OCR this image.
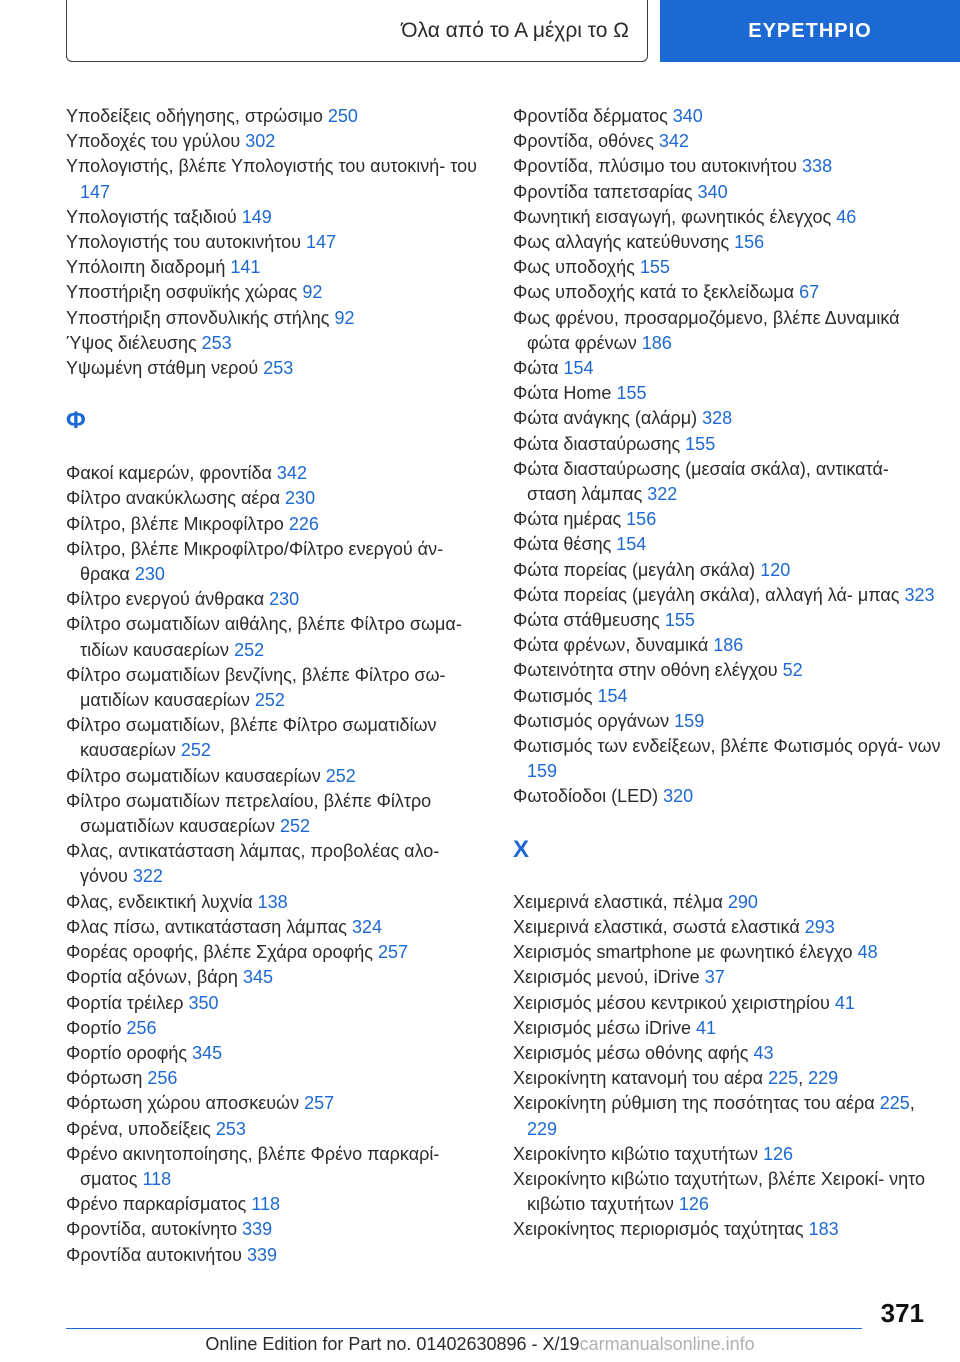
Όλα από το Α μέχρι το Ω	ΕΥΡΕΤΗΡΙΟ

Υποδείξεις οδήγησης, στρώσιμο 250

Υποδοχές του γρύλου 302

Υπολογιστής, βλέπε Υπολογιστής του αυτοκινή‐ του 147

Υπολογιστής ταξιδιού 149

Υπολογιστής του αυτοκινήτου 147

Υπόλοιπη διαδρομή 141

Υποστήριξη οσφυϊκής χώρας 92

Υποστήριξη σπονδυλικής στήλης 92

Ύψος διέλευσης 253

Υψωμένη στάθμη νερού 253

Φ

Φακοί καμερών, φροντίδα 342

Φίλτρο ανακύκλωσης αέρα 230

Φίλτρο, βλέπε Μικροφίλτρο 226

Φίλτρο, βλέπε Μικροφίλτρο/Φίλτρο ενεργού άν‐ θρακα 230

Φίλτρο ενεργού άνθρακα 230

Φίλτρο σωματιδίων αιθάλης, βλέπε Φίλτρο σωμα‐ τιδίων καυσαερίων 252

Φίλτρο σωματιδίων βενζίνης, βλέπε Φίλτρο σω‐ ματιδίων καυσαερίων 252

Φίλτρο σωματιδίων, βλέπε Φίλτρο σωματιδίων καυσαερίων 252

Φίλτρο σωματιδίων καυσαερίων 252

Φίλτρο σωματιδίων πετρελαίου, βλέπε Φίλτρο σωματιδίων καυσαερίων 252

Φλας, αντικατάσταση λάμπας, προβολέας αλο‐ γόνου 322

Φλας, ενδεικτική λυχνία 138

Φλας πίσω, αντικατάσταση λάμπας 324

Φορέας οροφής, βλέπε Σχάρα οροφής 257

Φορτία αξόνων, βάρη 345

Φορτία τρέιλερ 350

Φορτίο 256

Φορτίο οροφής 345

Φόρτωση 256

Φόρτωση χώρου αποσκευών 257

Φρένα, υποδείξεις 253

Φρένο ακινητοποίησης, βλέπε Φρένο παρκαρί‐ σματος 118

Φρένο παρκαρίσματος 118

Φροντίδα, αυτοκίνητο 339

Φροντίδα αυτοκινήτου 339

Φροντίδα δέρματος 340

Φροντίδα, οθόνες 342

Φροντίδα, πλύσιμο του αυτοκινήτου 338

Φροντίδα ταπετσαρίας 340

Φωνητική εισαγωγή, φωνητικός έλεγχος 46

Φως αλλαγής κατεύθυνσης 156

Φως υποδοχής 155

Φως υποδοχής κατά το ξεκλείδωμα 67

Φως φρένου, προσαρμοζόμενο, βλέπε Δυναμικά φώτα φρένων 186

Φώτα 154

Φώτα Home 155

Φώτα ανάγκης (αλάρμ) 328

Φώτα διασταύρωσης 155

Φώτα διασταύρωσης (μεσαία σκάλα), αντικατά‐ σταση λάμπας 322

Φώτα ημέρας 156

Φώτα θέσης 154

Φώτα πορείας (μεγάλη σκάλα) 120

Φώτα πορείας (μεγάλη σκάλα), αλλαγή λά‐ μπας 323

Φώτα στάθμευσης 155

Φώτα φρένων, δυναμικά 186

Φωτεινότητα στην οθόνη ελέγχου 52

Φωτισμός 154

Φωτισμός οργάνων 159

Φωτισμός των ενδείξεων, βλέπε Φωτισμός οργά‐ νων 159

Φωτοδίοδοι (LED) 320

Χ

Χειμερινά ελαστικά, πέλμα 290

Χειμερινά ελαστικά, σωστά ελαστικά 293

Χειρισμός smartphone με φωνητικό έλεγχο 48

Χειρισμός μενού, iDrive 37

Χειρισμός μέσου κεντρικού χειριστηρίου 41

Χειρισμός μέσω iDrive 41

Χειρισμός μέσω οθόνης αφής 43

Χειροκίνητη κατανομή του αέρα 225, 229

Χειροκίνητη ρύθμιση της ποσότητας του αέρα 225, 229

Χειροκίνητο κιβώτιο ταχυτήτων 126

Χειροκίνητο κιβώτιο ταχυτήτων, βλέπε Χειροκί‐ νητο κιβώτιο ταχυτήτων 126

Χειροκίνητος περιορισμός ταχύτητας 183

371
Online Edition for Part no. 01402630896 - X/19carmanualsonline.info
